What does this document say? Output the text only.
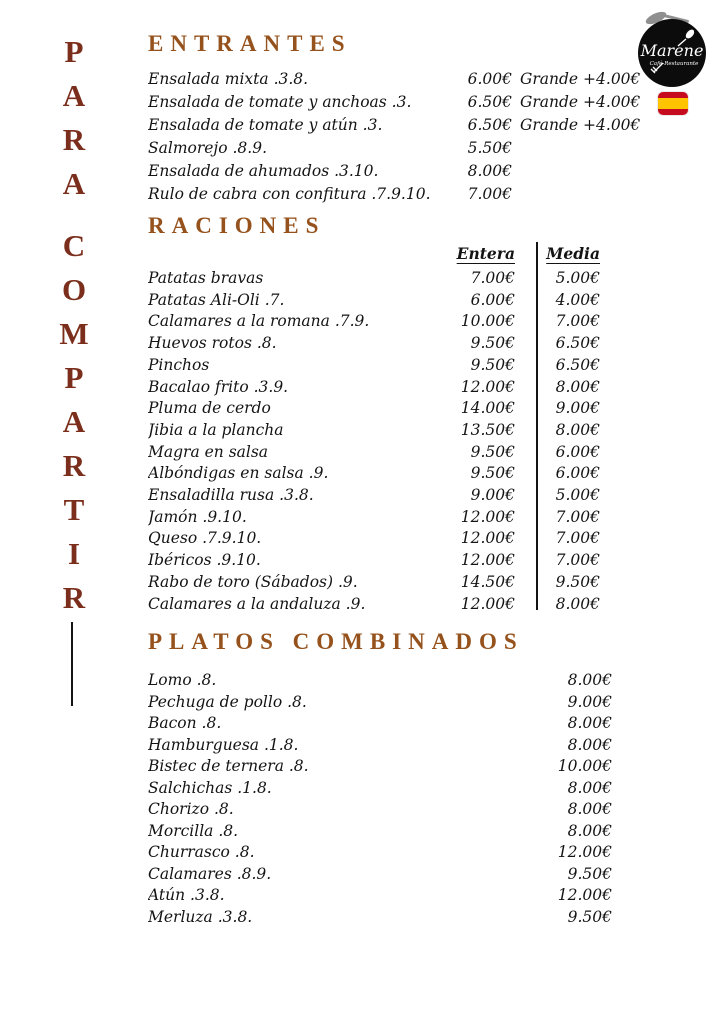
P
A
R
A
C
O
M
P
A
R
T
I
R
Marene
Café-Restaurante
ENTRANTES
Ensalada mixta .3.8.	6.00€ Grande +4.00€
Ensalada de tomate y anchoas .3.	6.50€ Grande +4.00€
Ensalada de tomate y atún .3.	6.50€ Grande +4.00€
Salmorejo .8.9.	5.50€
Ensalada de ahumados .3.10.	8.00€
Rulo de cabra con confitura .7.9.10.	7.00€
RACIONES
Entera	Media
Patatas bravas	7.00€	5.00€
Patatas Ali-Oli .7.	6.00€	4.00€
Calamares a la romana .7.9.	10.00€	7.00€
Huevos rotos .8.	9.50€	6.50€
Pinchos	9.50€	6.50€
Bacalao frito .3.9.	12.00€	8.00€
Pluma de cerdo	14.00€	9.00€
Jibia a la plancha	13.50€	8.00€
Magra en salsa	9.50€	6.00€
Albóndigas en salsa .9.	9.50€	6.00€
Ensaladilla rusa .3.8.	9.00€	5.00€
Jamón .9.10.	12.00€	7.00€
Queso .7.9.10.	12.00€	7.00€
Ibéricos .9.10.	12.00€	7.00€
Rabo de toro (Sábados) .9.	14.50€	9.50€
Calamares a la andaluza .9.	12.00€	8.00€
PLATOS COMBINADOS
Lomo .8.	8.00€
Pechuga de pollo .8.	9.00€
Bacon .8.	8.00€
Hamburguesa .1.8.	8.00€
Bistec de ternera .8.	10.00€
Salchichas .1.8.	8.00€
Chorizo .8.	8.00€
Morcilla .8.	8.00€
Churrasco .8.	12.00€
Calamares .8.9.	9.50€
Atún .3.8.	12.00€
Merluza .3.8.	9.50€
